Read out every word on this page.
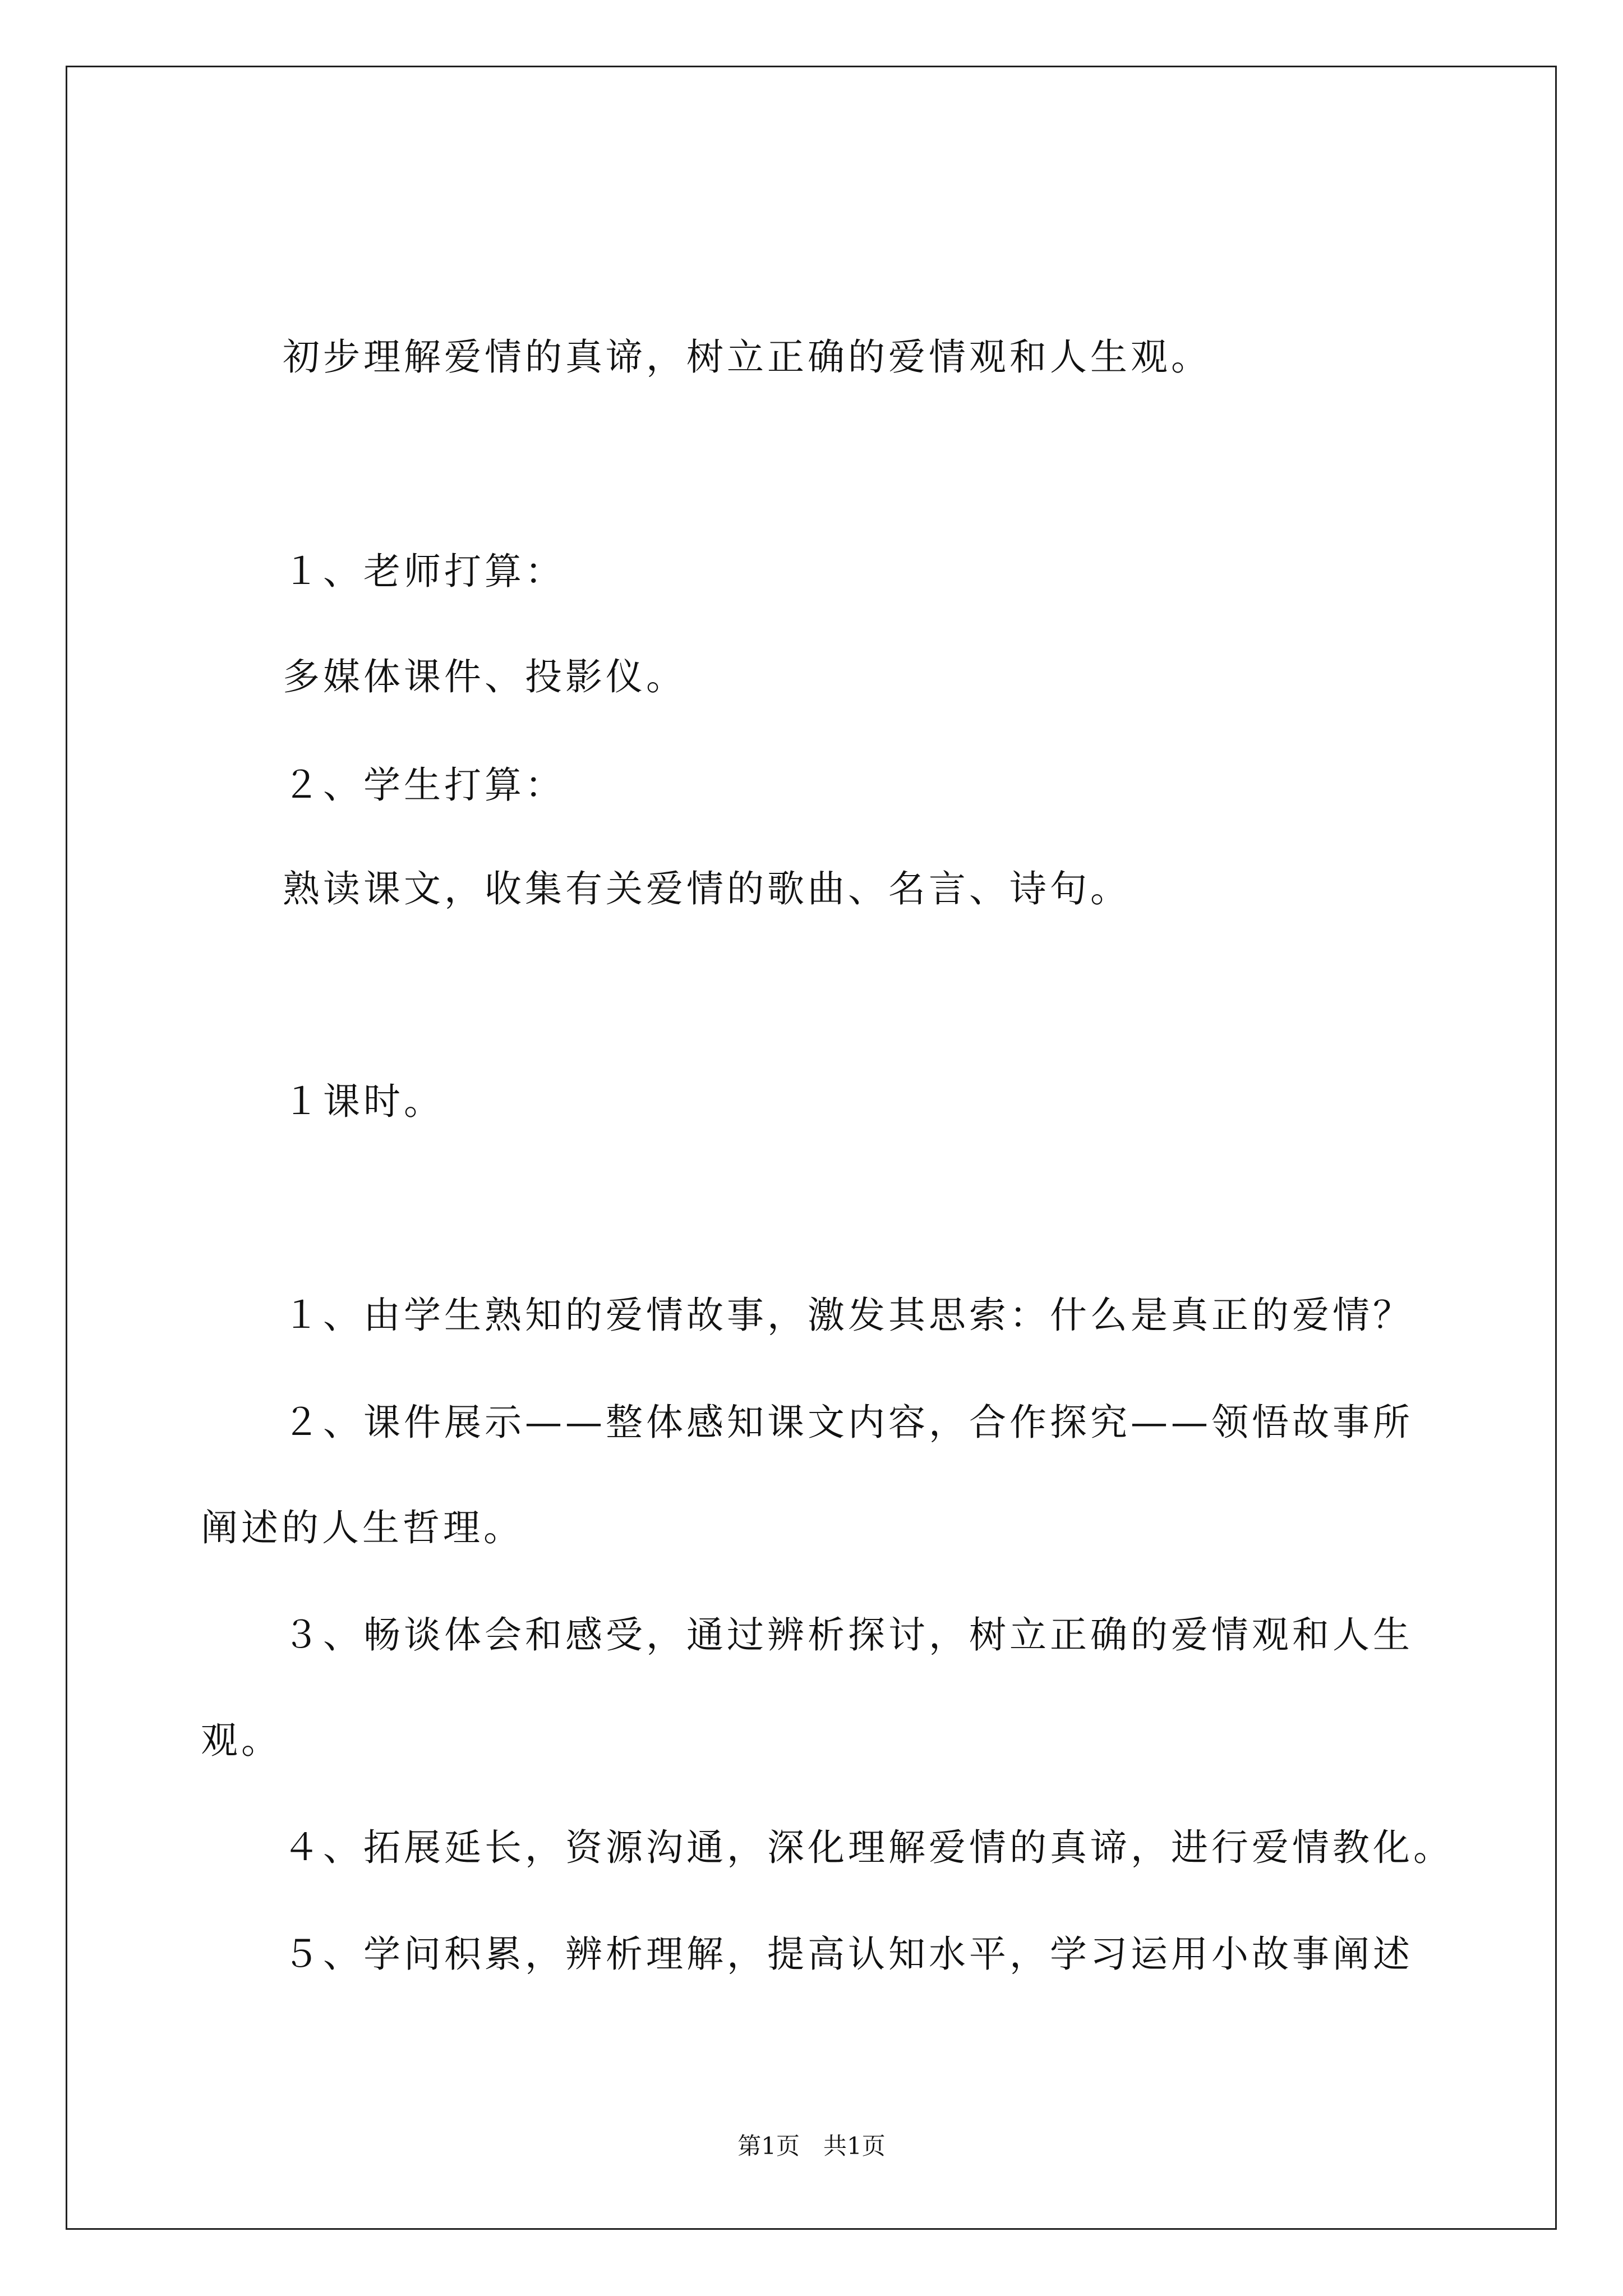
初步理解爱情的真谛，树立正确的爱情观和人生观。
１、老师打算：
多媒体课件、投影仪。
２、学生打算：
熟读课文，收集有关爱情的歌曲、名言、诗句。
１课时。
１、由学生熟知的爱情故事，激发其思索：什么是真正的爱情？
２、课件展示——整体感知课文内容，合作探究——领悟故事所
阐述的人生哲理。
３、畅谈体会和感受，通过辨析探讨，树立正确的爱情观和人生
观。
４、拓展延长，资源沟通，深化理解爱情的真谛，进行爱情教化。
５、学问积累，辨析理解，提高认知水平，学习运用小故事阐述
第1页　共1页
